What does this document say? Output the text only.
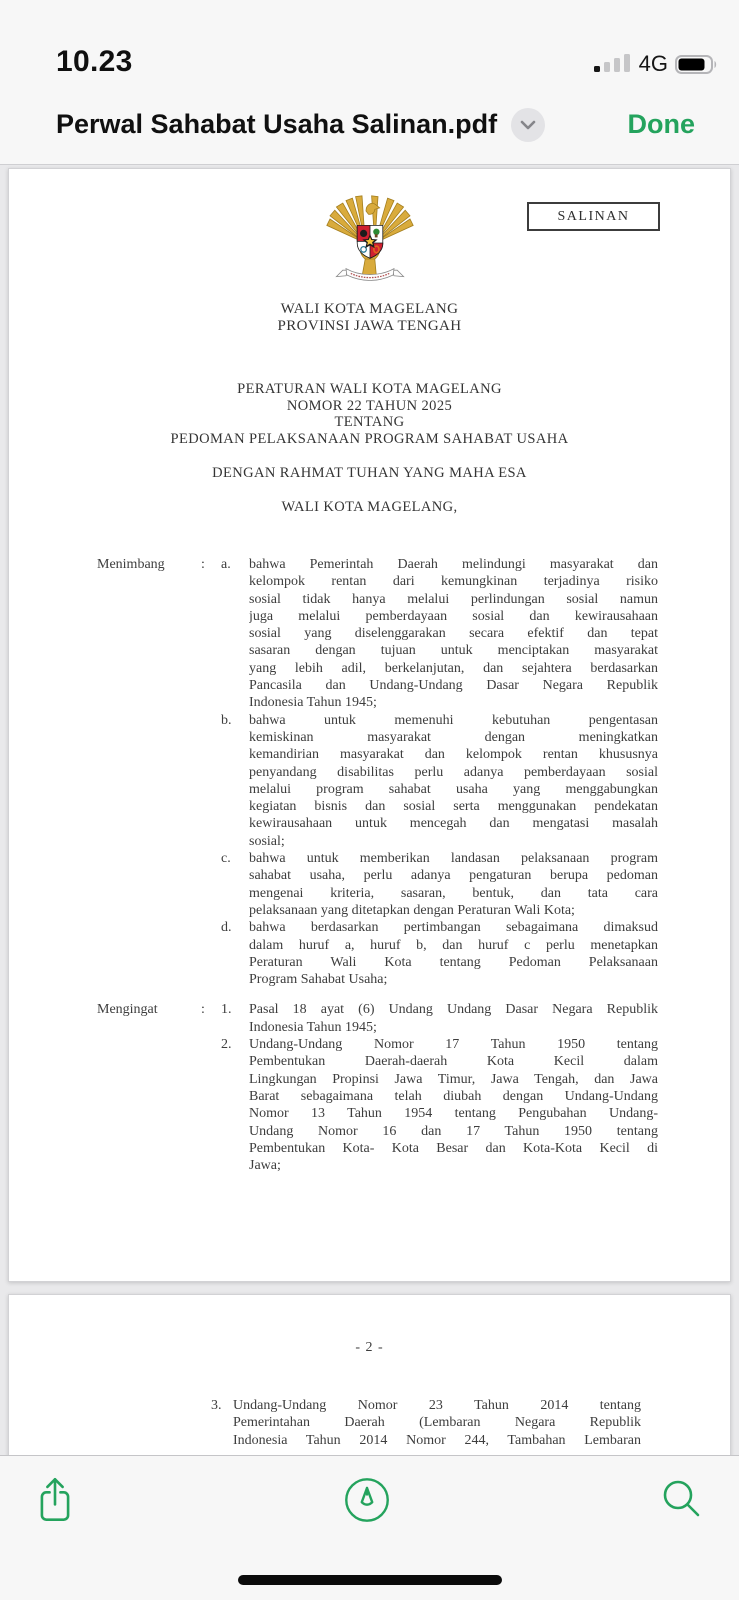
10.23	4G
Perwal Sahabat Usaha Salinan.pdf	Done
SALINAN
WALI KOTA MAGELANG
PROVINSI JAWA TENGAH
PERATURAN WALI KOTA MAGELANG
NOMOR 22 TAHUN 2025
TENTANG
PEDOMAN PELAKSANAAN PROGRAM SAHABAT USAHA
DENGAN RAHMAT TUHAN YANG MAHA ESA
WALI KOTA MAGELANG,
Menimbang	:	a.	bahwa Pemerintah Daerah melindungi masyarakat dan
kelompok rentan dari kemungkinan terjadinya risiko
sosial tidak hanya melalui perlindungan sosial namun
juga melalui pemberdayaan sosial dan kewirausahaan
sosial yang diselenggarakan secara efektif dan tepat
sasaran dengan tujuan untuk menciptakan masyarakat
yang lebih adil, berkelanjutan, dan sejahtera berdasarkan
Pancasila dan Undang-Undang Dasar Negara Republik
Indonesia Tahun 1945;
b.	bahwa untuk memenuhi kebutuhan pengentasan
kemiskinan masyarakat dengan meningkatkan
kemandirian masyarakat dan kelompok rentan khususnya
penyandang disabilitas perlu adanya pemberdayaan sosial
melalui program sahabat usaha yang menggabungkan
kegiatan bisnis dan sosial serta menggunakan pendekatan
kewirausahaan untuk mencegah dan mengatasi masalah
sosial;
c.	bahwa untuk memberikan landasan pelaksanaan program
sahabat usaha, perlu adanya pengaturan berupa pedoman
mengenai kriteria, sasaran, bentuk, dan tata cara
pelaksanaan yang ditetapkan dengan Peraturan Wali Kota;
d.	bahwa berdasarkan pertimbangan sebagaimana dimaksud
dalam huruf a, huruf b, dan huruf c perlu menetapkan
Peraturan Wali Kota tentang Pedoman Pelaksanaan
Program Sahabat Usaha;
Mengingat	:	1.	Pasal 18 ayat (6) Undang Undang Dasar Negara Republik
Indonesia Tahun 1945;
2.	Undang-Undang Nomor 17 Tahun 1950 tentang
Pembentukan Daerah-daerah Kota Kecil dalam
Lingkungan Propinsi Jawa Timur, Jawa Tengah, dan Jawa
Barat sebagaimana telah diubah dengan Undang-Undang
Nomor 13 Tahun 1954 tentang Pengubahan Undang-
Undang Nomor 16 dan 17 Tahun 1950 tentang
Pembentukan Kota- Kota Besar dan Kota-Kota Kecil di
Jawa;
- 2 -
3. Undang-Undang Nomor 23 Tahun 2014 tentang
Pemerintahan Daerah (Lembaran Negara Republik
Indonesia Tahun 2014 Nomor 244, Tambahan Lembaran
